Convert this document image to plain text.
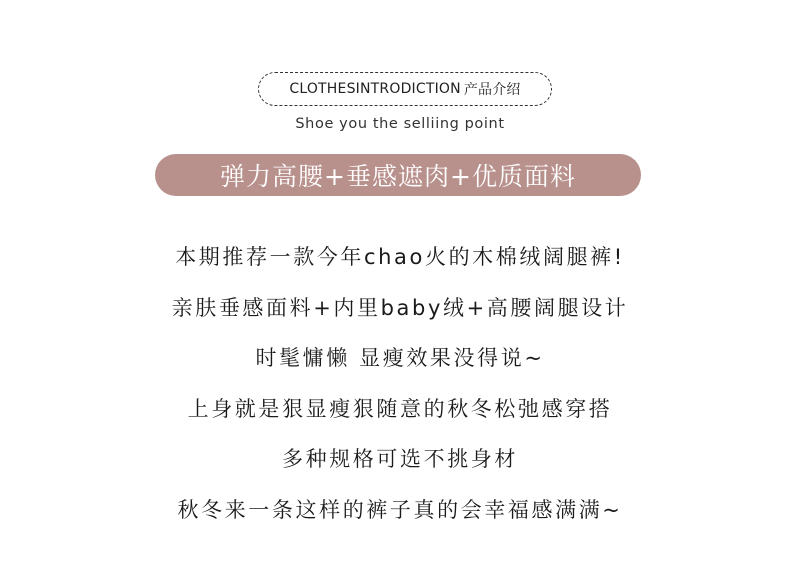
CLOTHESINTRODICTION 产品介绍
Shoe you the selliing point
弹力高腰+垂感遮肉+优质面料
本期推荐一款今年chao火的木棉绒阔腿裤!
亲肤垂感面料+内里baby绒+高腰阔腿设计
时髦慵懒 显瘦效果没得说~
上身就是狠显瘦狠随意的秋冬松弛感穿搭
多种规格可选不挑身材
秋冬来一条这样的裤子真的会幸福感满满~
